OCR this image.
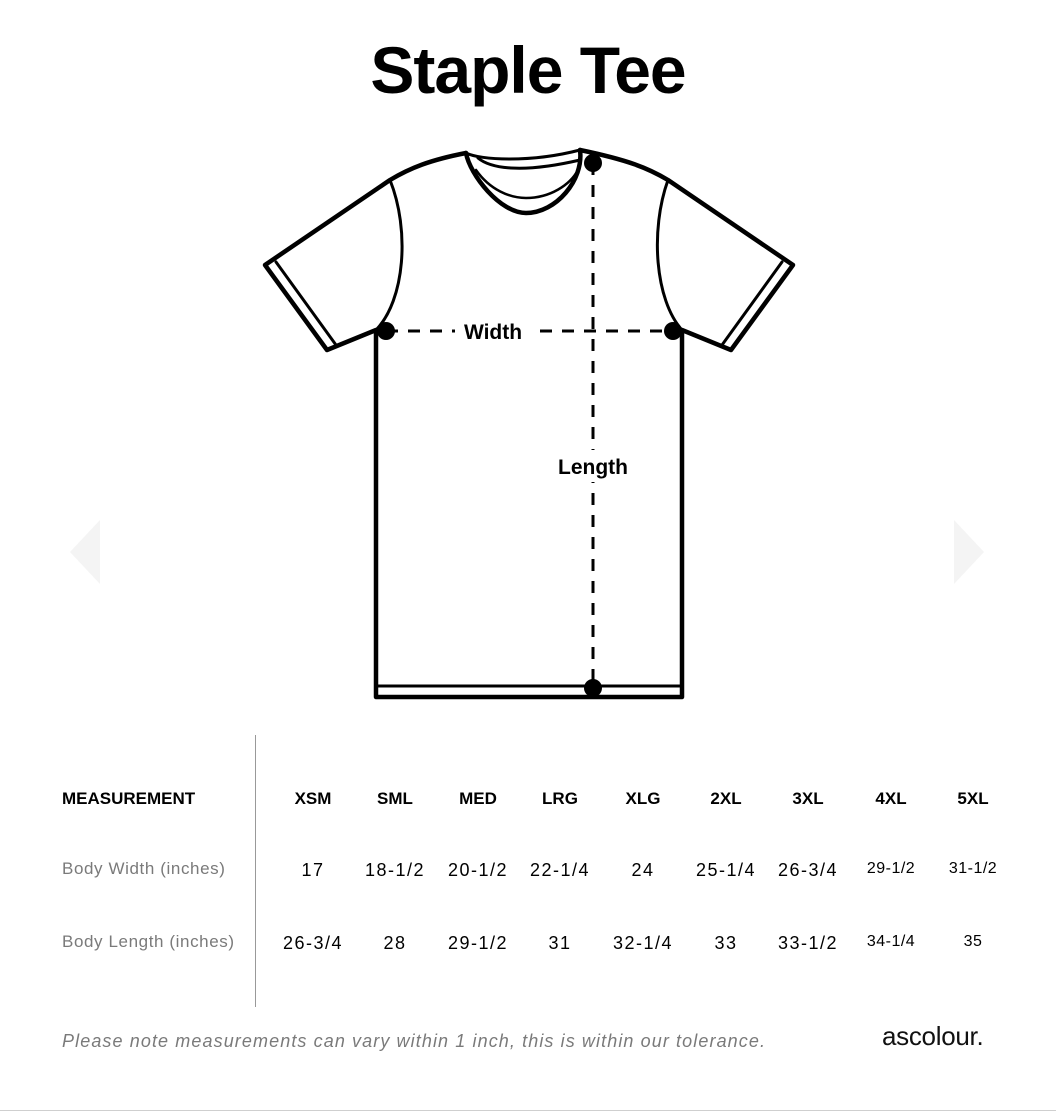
Staple Tee
Width
Length
MEASUREMENT	XSM	SML	MED	LRG	XLG	2XL	3XL	4XL	5XL
Body Width (inches)	17	18-1/2	20-1/2	22-1/4	24	25-1/4	26-3/4	29-1/2	31-1/2
Body Length (inches)	26-3/4	28	29-1/2	31	32-1/4	33	33-1/2	34-1/4	35
Please note measurements can vary within 1 inch, this is within our tolerance.	ascolour.
